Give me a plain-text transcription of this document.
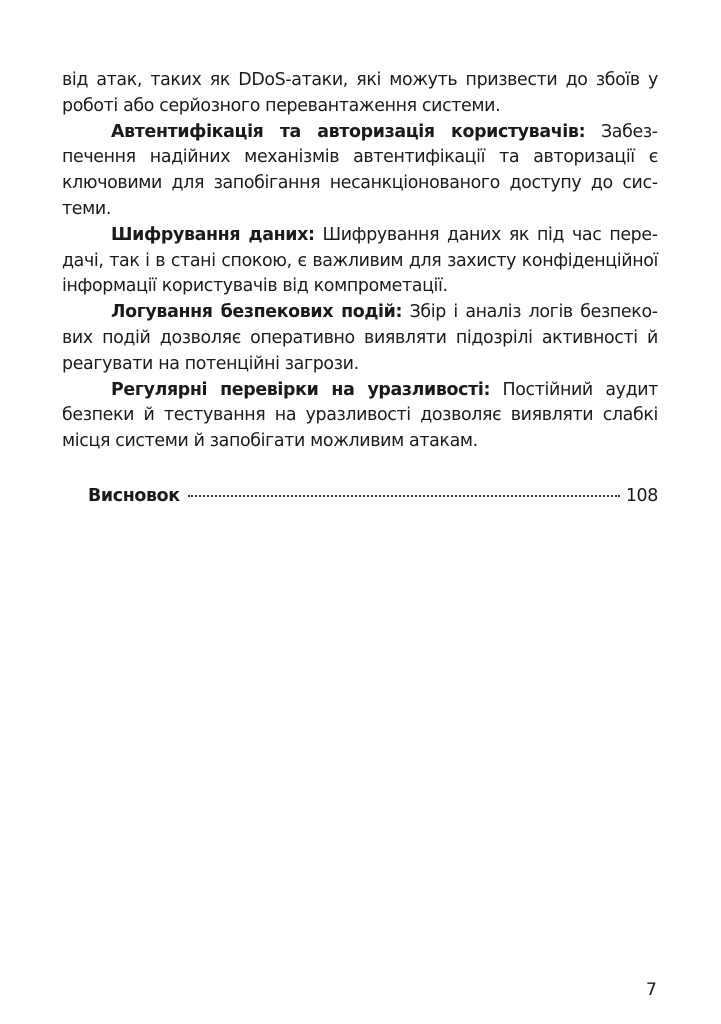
від атак, таких як DDoS-атаки, які можуть призвести до збоїв у роботі або серйозного перевантаження системи.

Автентифікація та авторизація користувачів: Забезпечення надійних механізмів автентифікації та авторизації є ключовими для запобігання несанкціонованого доступу до системи.

Шифрування даних: Шифрування даних як під час передачі, так і в стані спокою, є важливим для захисту конфіденційної інформації користувачів від компрометації.

Логування безпекових подій: Збір і аналіз логів безпекових подій дозволяє оперативно виявляти підозрілі активності й реагувати на потенційні загрози.

Регулярні перевірки на уразливості: Постійний аудит безпеки й тестування на уразливості дозволяє виявляти слабкі місця системи й запобігати можливим атакам.

Висновок	108
7
